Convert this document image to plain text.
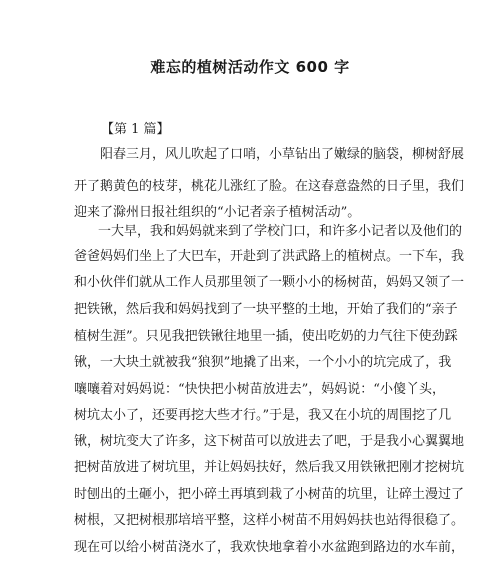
难忘的植树活动作文 600 字
【第 1 篇】
阳春三月，风儿吹起了口哨，小草钻出了嫩绿的脑袋，柳树舒展
开了鹅黄色的枝芽，桃花儿涨红了脸。在这春意盎然的日子里，我们
迎来了滁州日报社组织的“小记者亲子植树活动”。
一大早，我和妈妈就来到了学校门口，和许多小记者以及他们的
爸爸妈妈们坐上了大巴车，开赴到了洪武路上的植树点。一下车，我
和小伙伴们就从工作人员那里领了一颗小小的杨树苗，妈妈又领了一
把铁锹，然后我和妈妈找到了一块平整的土地，开始了我们的“亲子
植树生涯”。只见我把铁锹往地里一插，使出吃奶的力气往下使劲踩
锹，一大块土就被我“狼狈”地撬了出来，一个小小的坑完成了，我
嚷嚷着对妈妈说：“快快把小树苗放进去”，妈妈说：“小傻丫头，
树坑太小了，还要再挖大些才行。”于是，我又在小坑的周围挖了几
锹，树坑变大了许多，这下树苗可以放进去了吧，于是我小心翼翼地
把树苗放进了树坑里，并让妈妈扶好，然后我又用铁锹把刚才挖树坑
时刨出的土砸小，把小碎土再填到栽了小树苗的坑里，让碎土漫过了
树根，又把树根那培培平整，这样小树苗不用妈妈扶也站得很稳了。
现在可以给小树苗浇水了，我欢快地拿着小水盆跑到路边的水车前，
